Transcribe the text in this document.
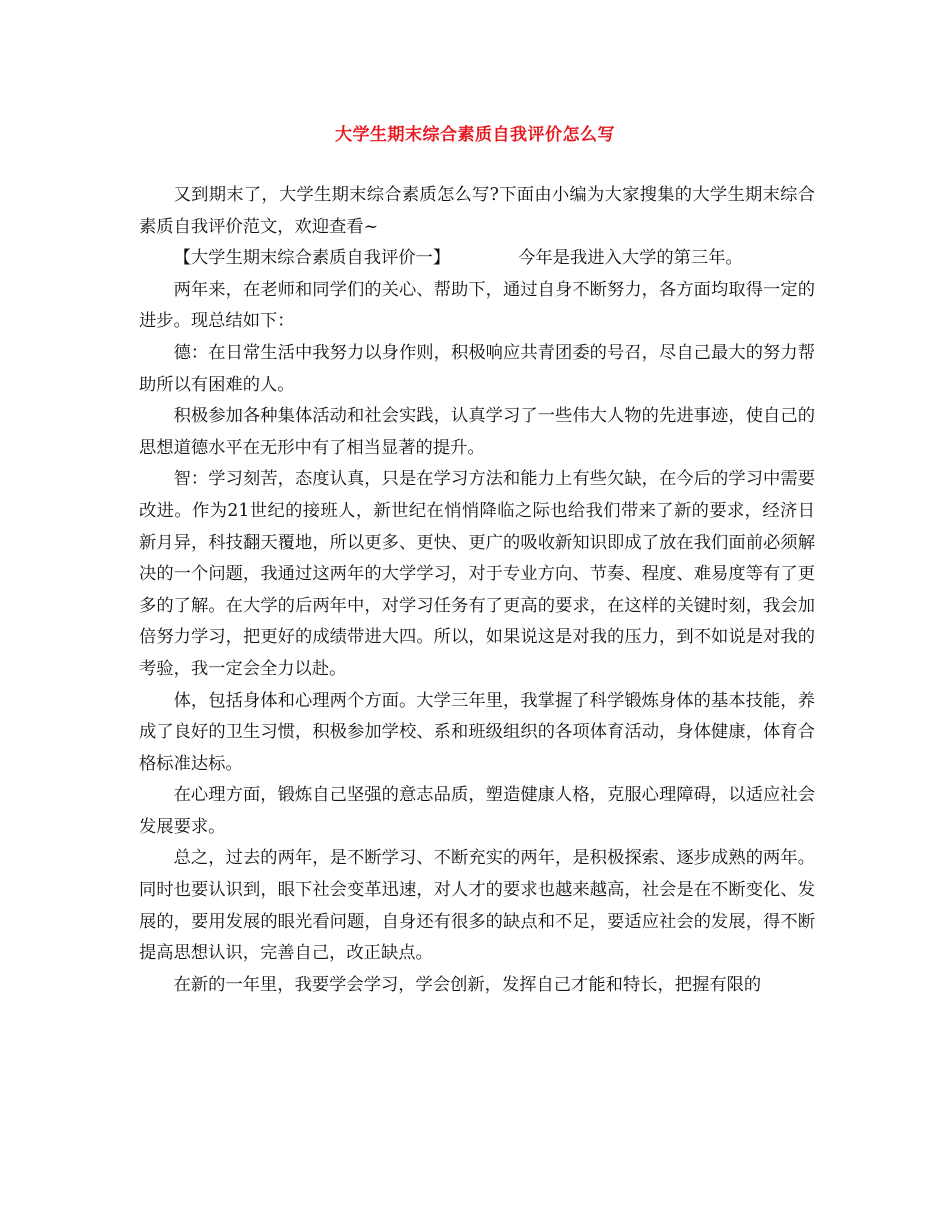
大学生期末综合素质自我评价怎么写

又到期末了，大学生期末综合素质怎么写?下面由小编为大家搜集的大学生期末综合素质自我评价范文，欢迎查看~

【大学生期末综合素质自我评价一】	今年是我进入大学的第三年。

两年来，在老师和同学们的关心、帮助下，通过自身不断努力，各方面均取得一定的进步。现总结如下：

德：在日常生活中我努力以身作则，积极响应共青团委的号召，尽自己最大的努力帮助所以有困难的人。

积极参加各种集体活动和社会实践，认真学习了一些伟大人物的先进事迹，使自己的思想道德水平在无形中有了相当显著的提升。

智：学习刻苦，态度认真，只是在学习方法和能力上有些欠缺，在今后的学习中需要改进。作为21世纪的接班人，新世纪在悄悄降临之际也给我们带来了新的要求，经济日新月异，科技翻天覆地，所以更多、更快、更广的吸收新知识即成了放在我们面前必须解决的一个问题，我通过这两年的大学学习，对于专业方向、节奏、程度、难易度等有了更多的了解。在大学的后两年中，对学习任务有了更高的要求，在这样的关键时刻，我会加倍努力学习，把更好的成绩带进大四。所以，如果说这是对我的压力，到不如说是对我的考验，我一定会全力以赴。

体，包括身体和心理两个方面。大学三年里，我掌握了科学锻炼身体的基本技能，养成了良好的卫生习惯，积极参加学校、系和班级组织的各项体育活动，身体健康，体育合格标准达标。

在心理方面，锻炼自己坚强的意志品质，塑造健康人格，克服心理障碍，以适应社会发展要求。

总之，过去的两年，是不断学习、不断充实的两年，是积极探索、逐步成熟的两年。同时也要认识到，眼下社会变革迅速，对人才的要求也越来越高，社会是在不断变化、发展的，要用发展的眼光看问题，自身还有很多的缺点和不足，要适应社会的发展，得不断提高思想认识，完善自己，改正缺点。

在新的一年里，我要学会学习，学会创新，发挥自己才能和特长，把握有限的
